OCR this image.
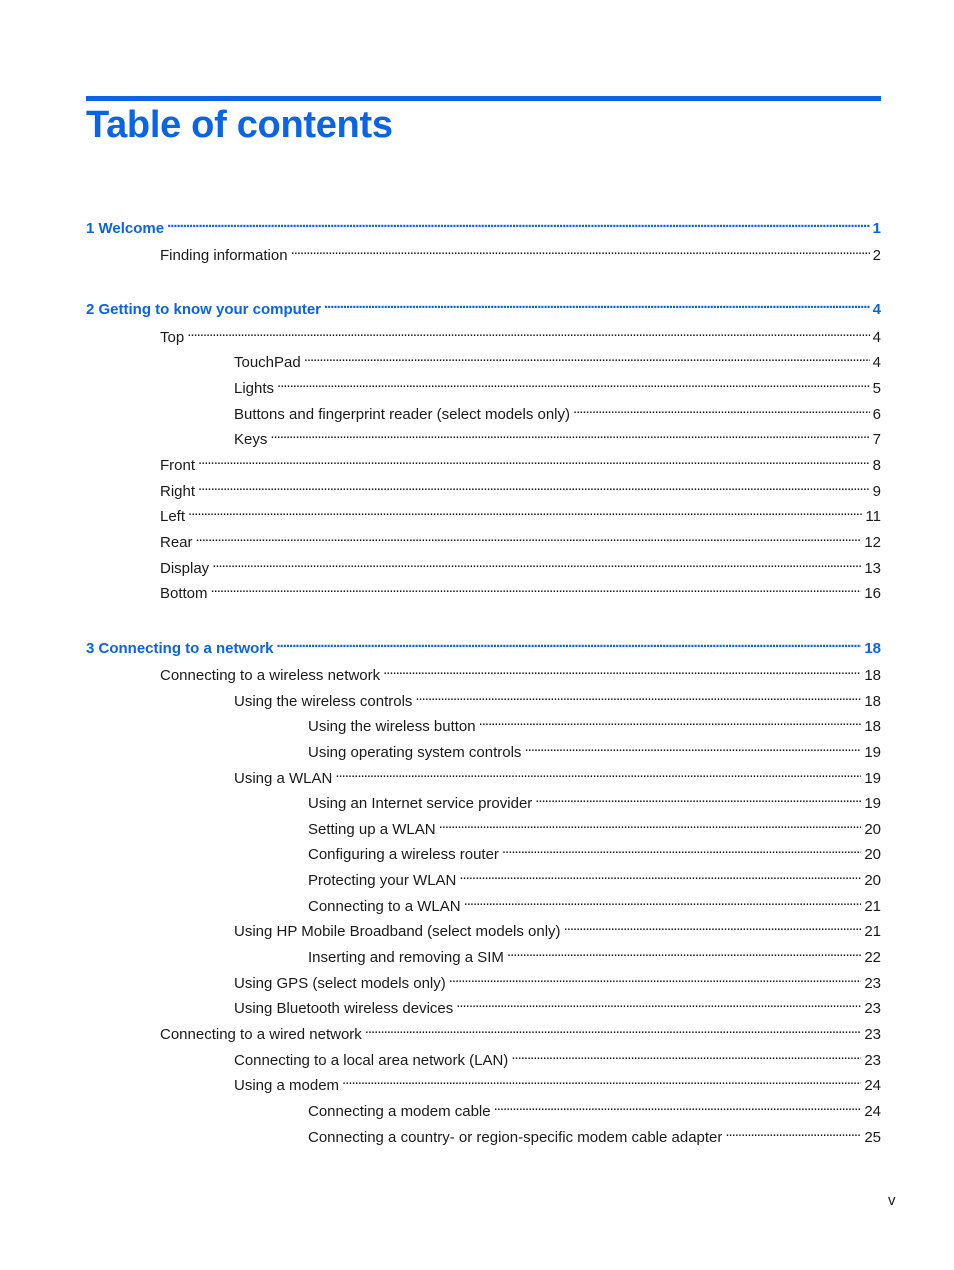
Table of contents
1 Welcome . . .	1
Finding information . . .	2
2 Getting to know your computer . . .	4
Top . . .	4
TouchPad . . .	4
Lights . . .	5
Buttons and fingerprint reader (select models only) . . .	6
Keys . . .	7
Front . . .	8
Right . . .	9
Left . . .	11
Rear . . .	12
Display . . .	13
Bottom . . .	16
3 Connecting to a network . . .	18
Connecting to a wireless network . . .	18
Using the wireless controls . . .	18
Using the wireless button . . .	18
Using operating system controls . . .	19
Using a WLAN . . .	19
Using an Internet service provider . . .	19
Setting up a WLAN . . .	20
Configuring a wireless router . . .	20
Protecting your WLAN . . .	20
Connecting to a WLAN . . .	21
Using HP Mobile Broadband (select models only) . . .	21
Inserting and removing a SIM . . .	22
Using GPS (select models only) . . .	23
Using Bluetooth wireless devices . . .	23
Connecting to a wired network . . .	23
Connecting to a local area network (LAN) . . .	23
Using a modem . . .	24
Connecting a modem cable . . .	24
Connecting a country- or region-specific modem cable adapter . . .	25
v
